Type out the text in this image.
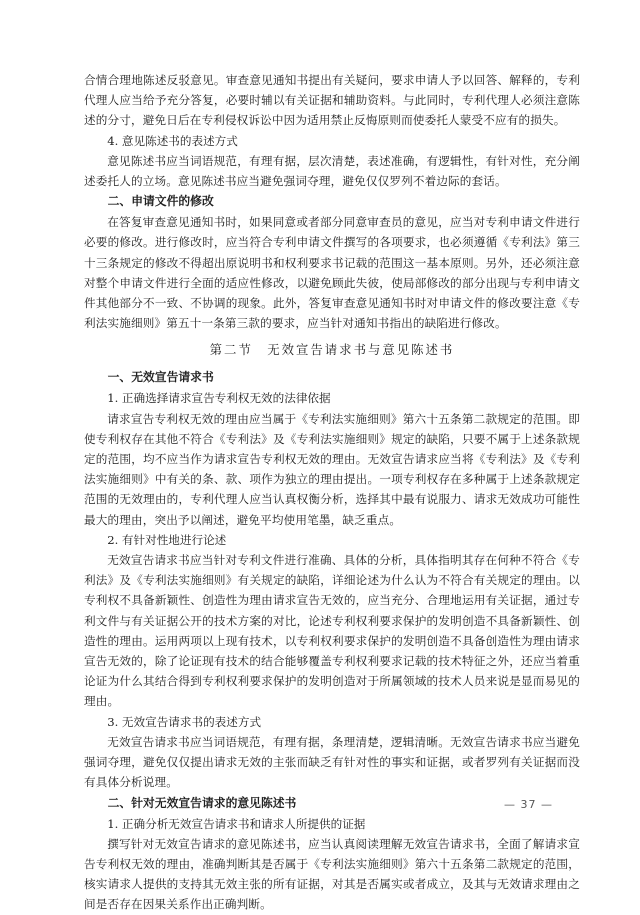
合情合理地陈述反驳意见。审查意见通知书提出有关疑问，要求申请人予以回答、解释的，专利代理人应当给予充分答复，必要时辅以有关证据和辅助资料。与此同时，专利代理人必须注意陈述的分寸，避免日后在专利侵权诉讼中因为适用禁止反悔原则而使委托人蒙受不应有的损失。

4. 意见陈述书的表述方式

意见陈述书应当词语规范，有理有据，层次清楚，表述准确，有逻辑性，有针对性，充分阐述委托人的立场。意见陈述书应当避免强词夺理，避免仅仅罗列不着边际的套话。

二、申请文件的修改

在答复审查意见通知书时，如果同意或者部分同意审查员的意见，应当对专利申请文件进行必要的修改。进行修改时，应当符合专利申请文件撰写的各项要求，也必须遵循《专利法》第三十三条规定的修改不得超出原说明书和权利要求书记载的范围这一基本原则。另外，还必须注意对整个申请文件进行全面的适应性修改，以避免顾此失彼，使局部修改的部分出现与专利申请文件其他部分不一致、不协调的现象。此外，答复审查意见通知书时对申请文件的修改要注意《专利法实施细则》第五十一条第三款的要求，应当针对通知书指出的缺陷进行修改。

第二节　无效宣告请求书与意见陈述书

一、无效宣告请求书

1. 正确选择请求宣告专利权无效的法律依据

请求宣告专利权无效的理由应当属于《专利法实施细则》第六十五条第二款规定的范围。即使专利权存在其他不符合《专利法》及《专利法实施细则》规定的缺陷，只要不属于上述条款规定的范围，均不应当作为请求宣告专利权无效的理由。无效宣告请求应当将《专利法》及《专利法实施细则》中有关的条、款、项作为独立的理由提出。一项专利权存在多种属于上述条款规定范围的无效理由的，专利代理人应当认真权衡分析，选择其中最有说服力、请求无效成功可能性最大的理由，突出予以阐述，避免平均使用笔墨，缺乏重点。

2. 有针对性地进行论述

无效宣告请求书应当针对专利文件进行准确、具体的分析，具体指明其存在何种不符合《专利法》及《专利法实施细则》有关规定的缺陷，详细论述为什么认为不符合有关规定的理由。以专利权不具备新颖性、创造性为理由请求宣告无效的，应当充分、合理地运用有关证据，通过专利文件与有关证据公开的技术方案的对比，论述专利权利要求保护的发明创造不具备新颖性、创造性的理由。运用两项以上现有技术，以专利权利要求保护的发明创造不具备创造性为理由请求宣告无效的，除了论证现有技术的结合能够覆盖专利权利要求记载的技术特征之外，还应当着重论证为什么其结合得到专利权利要求保护的发明创造对于所属领域的技术人员来说是显而易见的理由。

3. 无效宣告请求书的表述方式

无效宣告请求书应当词语规范，有理有据，条理清楚，逻辑清晰。无效宣告请求书应当避免强词夺理，避免仅仅提出请求无效的主张而缺乏有针对性的事实和证据，或者罗列有关证据而没有具体分析说理。

二、针对无效宣告请求的意见陈述书

1. 正确分析无效宣告请求书和请求人所提供的证据

撰写针对无效宣告请求的意见陈述书，应当认真阅读理解无效宣告请求书，全面了解请求宣告专利权无效的理由，准确判断其是否属于《专利法实施细则》第六十五条第二款规定的范围，核实请求人提供的支持其无效主张的所有证据，对其是否属实或者成立，及其与无效请求理由之间是否存在因果关系作出正确判断。

— 37 —
